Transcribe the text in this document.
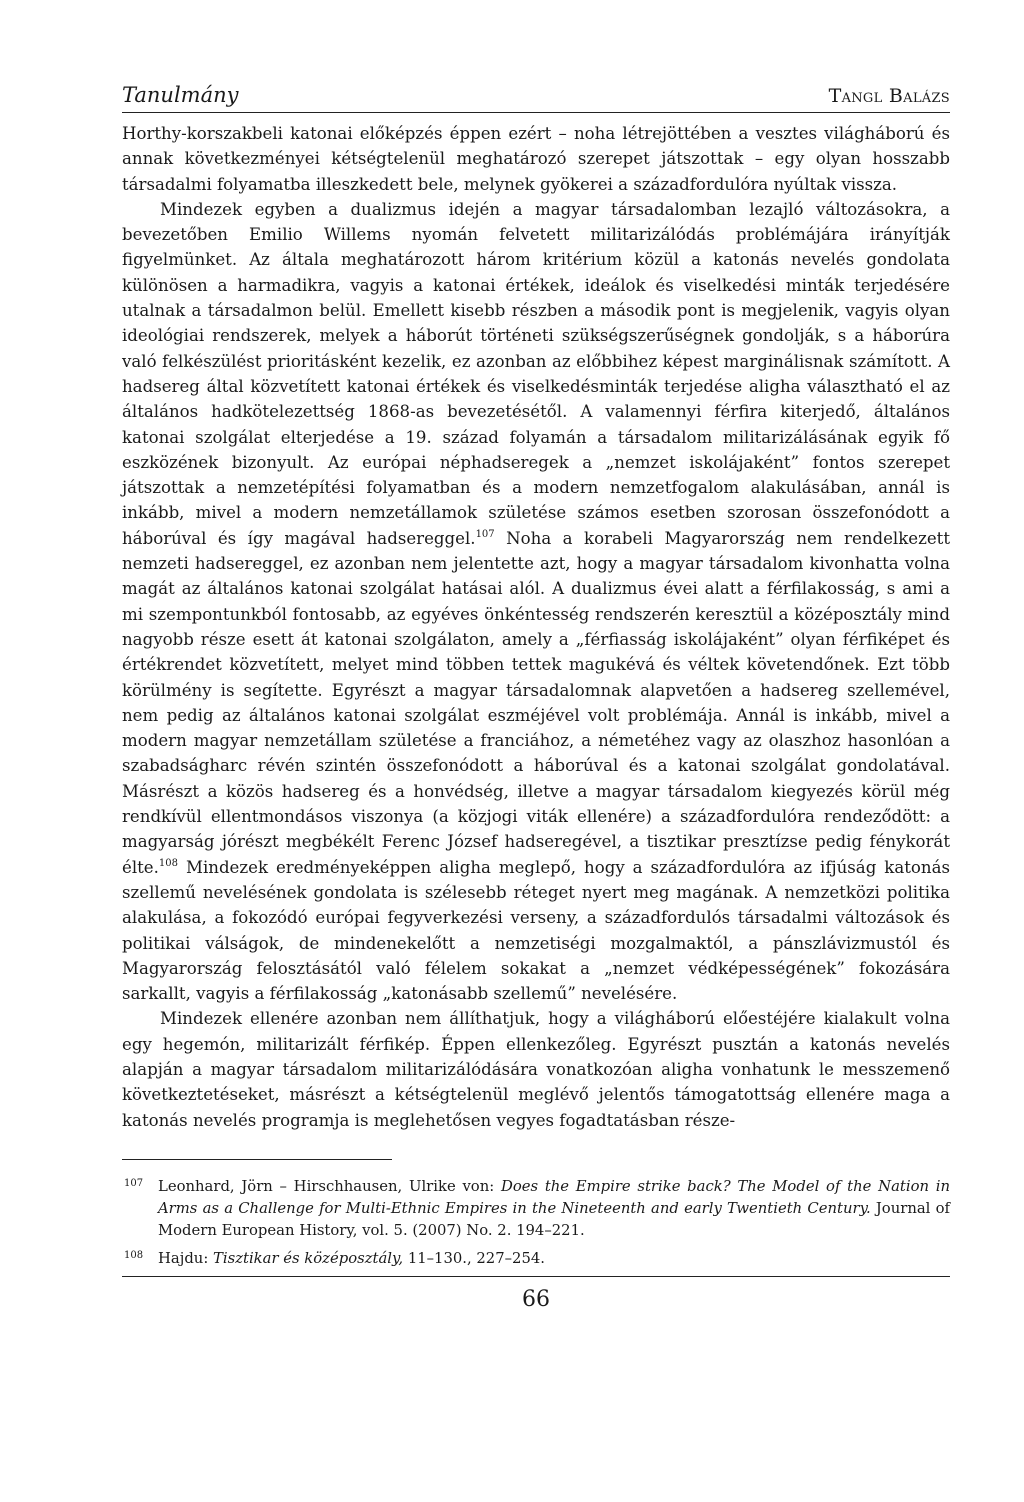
Tanulmány	Tangl Balázs

Horthy-korszakbeli katonai előképzés éppen ezért – noha létrejöttében a vesztes világháború és annak következményei kétségtelenül meghatározó szerepet játszottak – egy olyan hosszabb társadalmi folyamatba illeszkedett bele, melynek gyökerei a századfordulóra nyúltak vissza.

Mindezek egyben a dualizmus idején a magyar társadalomban lezajló változásokra, a bevezetőben Emilio Willems nyomán felvetett militarizálódás problémájára irányítják figyelmünket. Az általa meghatározott három kritérium közül a katonás nevelés gondolata különösen a harmadikra, vagyis a katonai értékek, ideálok és viselkedési minták terjedésére utalnak a társadalmon belül. Emellett kisebb részben a második pont is megjelenik, vagyis olyan ideológiai rendszerek, melyek a háborút történeti szükségszerűségnek gondolják, s a háborúra való felkészülést prioritásként kezelik, ez azonban az előbbihez képest marginálisnak számított. A hadsereg által közvetített katonai értékek és viselkedésminták terjedése aligha választható el az általános hadkötelezettség 1868-as bevezetésétől. A valamennyi férfira kiterjedő, általános katonai szolgálat elterjedése a 19. század folyamán a társadalom militarizálásának egyik fő eszközének bizonyult. Az európai néphadseregek a „nemzet iskolájaként” fontos szerepet játszottak a nemzetépítési folyamatban és a modern nemzetfogalom alakulásában, annál is inkább, mivel a modern nemzetállamok születése számos esetben szorosan összefonódott a háborúval és így magával hadsereggel.$^{107}$ Noha a korabeli Magyarország nem rendelkezett nemzeti hadsereggel, ez azonban nem jelentette azt, hogy a magyar társadalom kivonhatta volna magát az általános katonai szolgálat hatásai alól. A dualizmus évei alatt a férfilakosság, s ami a mi szempontunkból fontosabb, az egyéves önkéntesség rendszerén keresztül a középosztály mind nagyobb része esett át katonai szolgálaton, amely a „férfiasság iskolájaként” olyan férfiképet és értékrendet közvetített, melyet mind többen tettek magukévá és véltek követendőnek. Ezt több körülmény is segítette. Egyrészt a magyar társadalomnak alapvetően a hadsereg szellemével, nem pedig az általános katonai szolgálat eszméjével volt problémája. Annál is inkább, mivel a modern magyar nemzetállam születése a franciához, a németéhez vagy az olaszhoz hasonlóan a szabadságharc révén szintén összefonódott a háborúval és a katonai szolgálat gondolatával. Másrészt a közös hadsereg és a honvédség, illetve a magyar társadalom kiegyezés körül még rendkívül ellentmondásos viszonya (a közjogi viták ellenére) a századfordulóra rendeződött: a magyarság jórészt megbékélt Ferenc József hadseregével, a tisztikar presztízse pedig fénykorát élte.$^{108}$ Mindezek eredményeképpen aligha meglepő, hogy a századfordulóra az ifjúság katonás szellemű nevelésének gondolata is szélesebb réteget nyert meg magának. A nemzetközi politika alakulása, a fokozódó európai fegyverkezési verseny, a századfordulós társadalmi változások és politikai válságok, de mindenekelőtt a nemzetiségi mozgalmaktól, a pánszlávizmustól és Magyarország felosztásától való félelem sokakat a „nemzet védképességének” fokozására sarkallt, vagyis a férfilakosság „katonásabb szellemű” nevelésére.

Mindezek ellenére azonban nem állíthatjuk, hogy a világháború előestéjére kialakult volna egy hegemón, militarizált férfikép. Éppen ellenkezőleg. Egyrészt pusztán a katonás nevelés alapján a magyar társadalom militarizálódására vonatkozóan aligha vonhatunk le messzemenő következtetéseket, másrészt a kétségtelenül meglévő jelentős támogatottság ellenére maga a katonás nevelés programja is meglehetősen vegyes fogadtatásban része-

107 Leonhard, Jörn – Hirschhausen, Ulrike von: Does the Empire strike back? The Model of the Nation in Arms as a Challenge for Multi-Ethnic Empires in the Nineteenth and early Twentieth Century. Journal of Modern European History, vol. 5. (2007) No. 2. 194–221.
108 Hajdu: Tisztikar és középosztály, 11–130., 227–254.
66
